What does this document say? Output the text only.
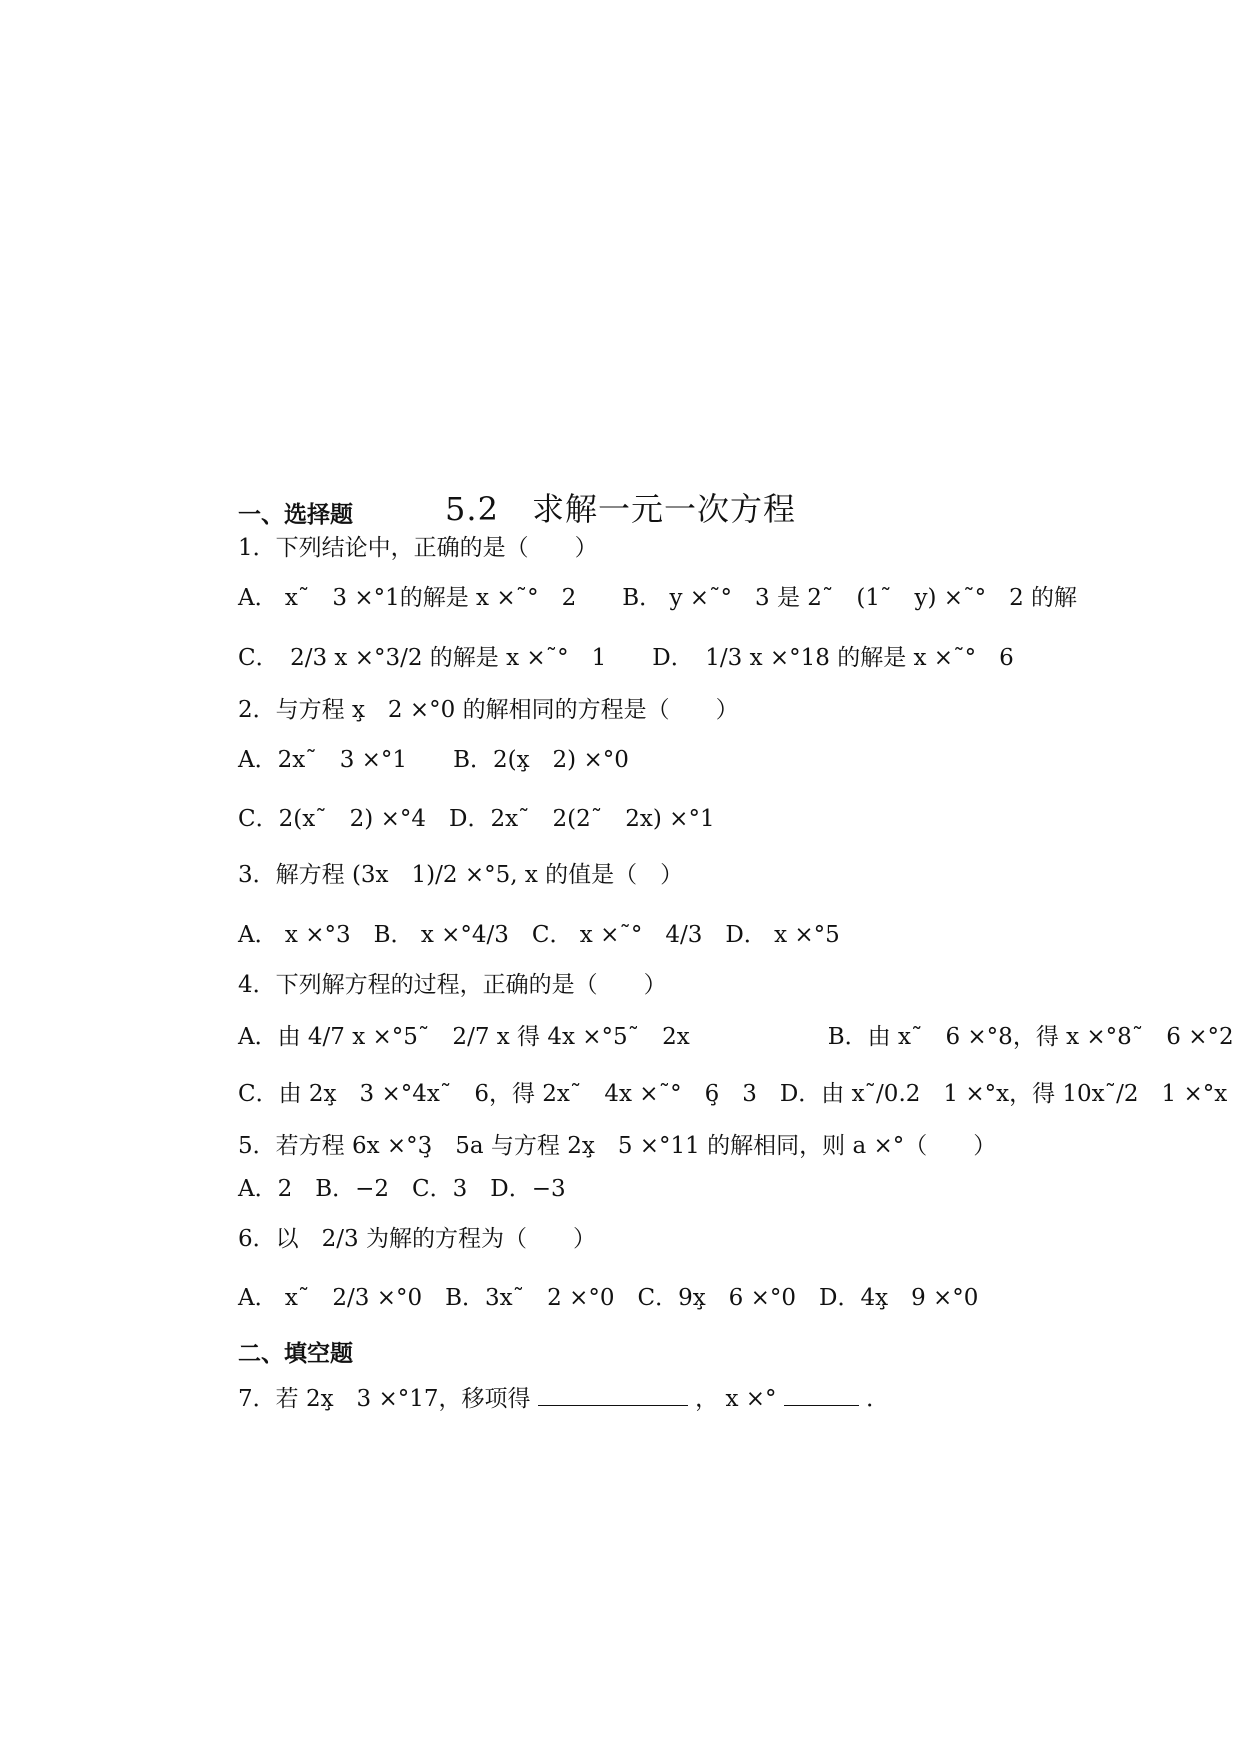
5.2　求解一元一次方程
一、选择题
1．下列结论中，正确的是（　　）
A． x˜　3 ×°1的解是 x ×˜°　2　　B． y ×˜°　3 是 2˜　(1˜　y) ×˜°　2 的解
C．　2/3 x ×°3/2 的解是 x ×˜°　1　　D．　1/3 x ×°18 的解是 x ×˜°　6
2．与方程 x̧　2 ×°0 的解相同的方程是（　　）
A．2x˜　3 ×°1　　B．2(x̧　2) ×°0
C．2(x˜　2) ×°4　D．2x˜　2(2˜　2x) ×°1
3．解方程 (3x　1)/2 ×°5, x 的值是（　）
A． x ×°3　B． x ×°4/3　C． x ×˜°　4/3　D． x ×°5
4．下列解方程的过程，正确的是（　　）
A．由 4/7 x ×°5˜　2/7 x 得 4x ×°5˜　2x　　　　　　B．由 x˜　6 ×°8，得 x ×°8˜　6 ×°2
C．由 2x̧　3 ×°4x˜　6，得 2x˜　4x ×˜°　6̧　3　D．由 x˜/0.2　1 ×°x，得 10x˜/2　1 ×°x
5．若方程 6x ×°3̧　5a 与方程 2x̧　5 ×°11 的解相同，则 a ×°（　　）
A．2　B．−2　C．3　D．−3
6．以　2/3 为解的方程为（　　）
A． x˜　2/3 ×°0　B．3x˜　2 ×°0　C．9x̧　6 ×°0　D．4x̧　9 ×°0
二、填空题
7．若 2x̧　3 ×°17，移项得	， x ×°	．
